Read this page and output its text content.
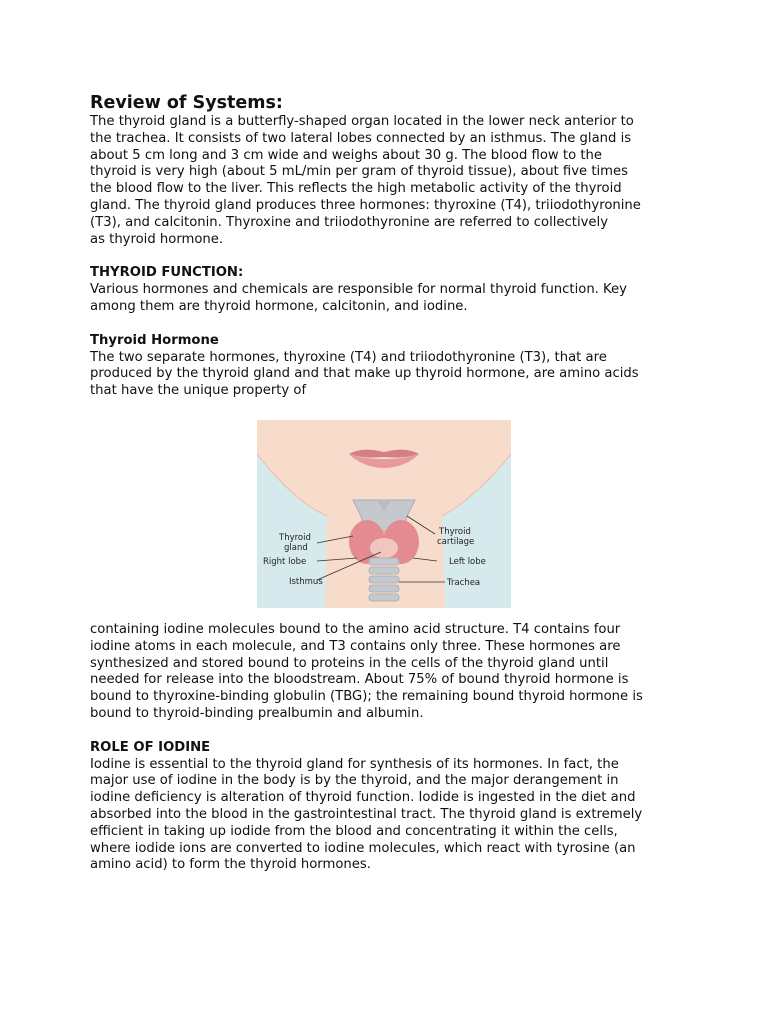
Review of Systems:

The thyroid gland is a butterfly-shaped organ located in the lower neck anterior to

the trachea. It consists of two lateral lobes connected by an isthmus. The gland is

about 5 cm long and 3 cm wide and weighs about 30 g. The blood flow to the

thyroid is very high (about 5 mL/min per gram of thyroid tissue), about five times

the blood flow to the liver. This reflects the high metabolic activity of the thyroid

gland. The thyroid gland produces three hormones: thyroxine (T4), triiodothyronine

(T3), and calcitonin. Thyroxine and triiodothyronine are referred to collectively

as thyroid hormone.

THYROID FUNCTION:

Various hormones and chemicals are responsible for normal thyroid function. Key

among them are thyroid hormone, calcitonin, and iodine.

Thyroid Hormone

The two separate hormones, thyroxine (T4) and triiodothyronine (T3), that are

produced by the thyroid gland and that make up thyroid hormone, are amino acids

that have the unique property of

Thyroid
gland
Right lobe
Isthmus
Thyroid
cartilage
Left lobe
Trachea

containing iodine molecules bound to the amino acid structure. T4 contains four

iodine atoms in each molecule, and T3 contains only three. These hormones are

synthesized and stored bound to proteins in the cells of the thyroid gland until

needed for release into the bloodstream. About 75% of bound thyroid hormone is

bound to thyroxine-binding globulin (TBG); the remaining bound thyroid hormone is

bound to thyroid-binding prealbumin and albumin.

ROLE OF IODINE

Iodine is essential to the thyroid gland for synthesis of its hormones. In fact, the

major use of iodine in the body is by the thyroid, and the major derangement in

iodine deficiency is alteration of thyroid function. Iodide is ingested in the diet and

absorbed into the blood in the gastrointestinal tract. The thyroid gland is extremely

efficient in taking up iodide from the blood and concentrating it within the cells,

where iodide ions are converted to iodine molecules, which react with tyrosine (an

amino acid) to form the thyroid hormones.
